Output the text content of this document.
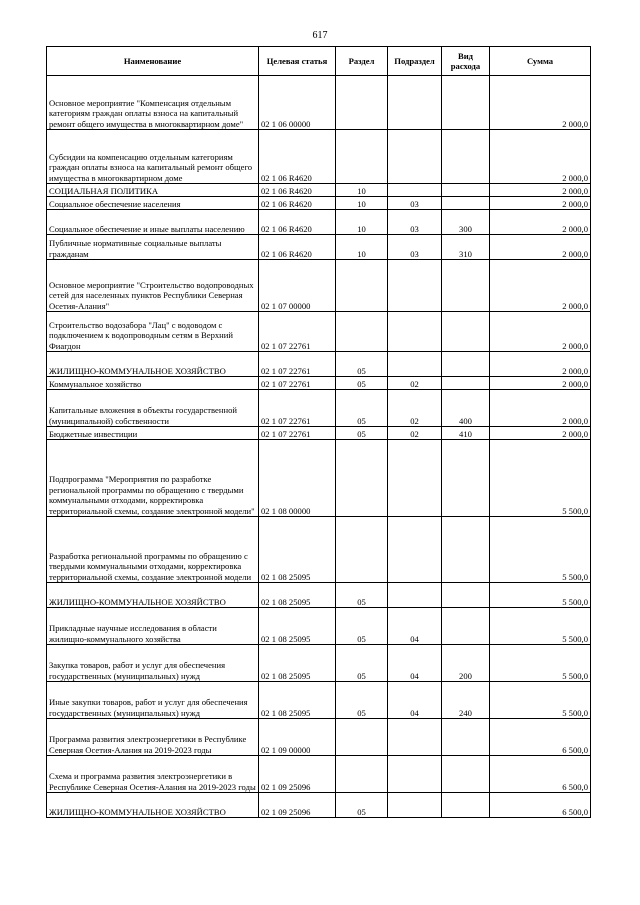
617
Наименование	Целевая статья	Раздел	Подраздел	Вид расхода	Сумма
Основное мероприятие "Компенсация отдельным категориям граждан оплаты взноса на капитальный ремонт общего имущества в многоквартирном доме"	02 1 06 00000				2 000,0
Субсидии на компенсацию отдельным категориям граждан оплаты взноса на капитальный ремонт общего имущества в многоквартирном доме	02 1 06 R4620				2 000,0
СОЦИАЛЬНАЯ ПОЛИТИКА	02 1 06 R4620	10			2 000,0
Социальное обеспечение населения	02 1 06 R4620	10	03		2 000,0
Социальное обеспечение и иные выплаты населению	02 1 06 R4620	10	03	300	2 000,0
Публичные нормативные социальные выплаты гражданам	02 1 06 R4620	10	03	310	2 000,0
Основное мероприятие "Строительство водопроводных сетей для населенных пунктов Республики Северная Осетия-Алания"	02 1 07 00000				2 000,0
Строительство водозабора "Лац" с водоводом с подключением к водопроводным сетям в Верхний Фиагдон	02 1 07 22761				2 000,0
ЖИЛИЩНО-КОММУНАЛЬНОЕ ХОЗЯЙСТВО	02 1 07 22761	05			2 000,0
Коммунальное хозяйство	02 1 07 22761	05	02		2 000,0
Капитальные вложения в объекты государственной (муниципальной) собственности	02 1 07 22761	05	02	400	2 000,0
Бюджетные инвестиции	02 1 07 22761	05	02	410	2 000,0
Подпрограмма "Мероприятия по разработке региональной программы по обращению с твердыми коммунальными отходами, корректировка территориальной схемы, создание электронной модели"	02 1 08 00000				5 500,0
Разработка региональной программы по обращению с твердыми коммунальными отходами, корректировка территориальной схемы, создание электронной модели	02 1 08 25095				5 500,0
ЖИЛИЩНО-КОММУНАЛЬНОЕ ХОЗЯЙСТВО	02 1 08 25095	05			5 500,0
Прикладные научные исследования в области жилищно-коммунального хозяйства	02 1 08 25095	05	04		5 500,0
Закупка товаров, работ и услуг для обеспечения государственных (муниципальных) нужд	02 1 08 25095	05	04	200	5 500,0
Иные закупки товаров, работ и услуг для обеспечения государственных (муниципальных) нужд	02 1 08 25095	05	04	240	5 500,0
Программа развития электроэнергетики в Республике Северная Осетия-Алания на 2019-2023 годы	02 1 09 00000				6 500,0
Схема и программа развития электроэнергетики в Республике Северная Осетия-Алания на 2019-2023 годы	02 1 09 25096				6 500,0
ЖИЛИЩНО-КОММУНАЛЬНОЕ ХОЗЯЙСТВО	02 1 09 25096	05			6 500,0
